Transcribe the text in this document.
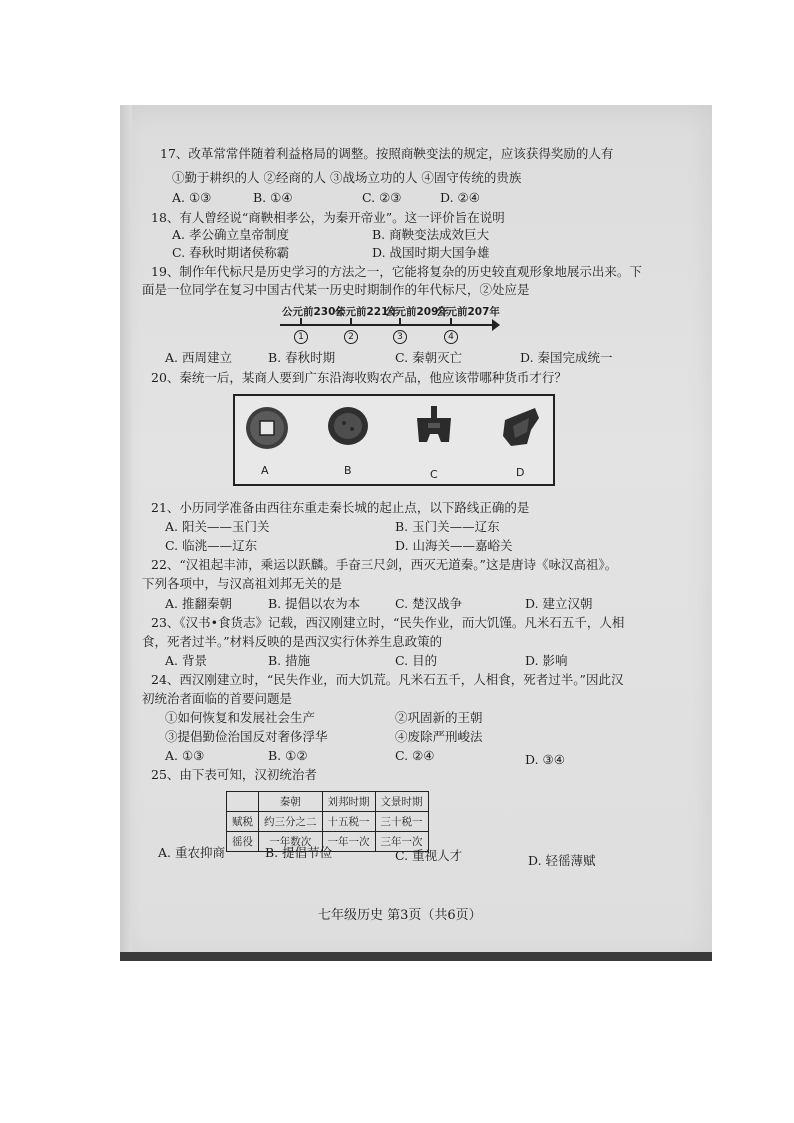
17、改革常常伴随着利益格局的调整。按照商鞅变法的规定，应该获得奖励的人有
①勤于耕织的人 ②经商的人 ③战场立功的人 ④固守传统的贵族
A. ①③	B. ①④	C. ②③	D. ②④
18、有人曾经说“商鞅相孝公，为秦开帝业”。这一评价旨在说明
A. 孝公确立皇帝制度	B. 商鞅变法成效巨大
C. 春秋时期诸侯称霸	D. 战国时期大国争雄
19、制作年代标尺是历史学习的方法之一，它能将复杂的历史较直观形象地展示出来。下
面是一位同学在复习中国古代某一历史时期制作的年代标尺，②处应是
公元前230年
公元前221年
公元前209年
公元前207年
1	2	3	4
A. 西周建立	B. 春秋时期	C. 秦朝灭亡	D. 秦国完成统一
20、秦统一后，某商人要到广东沿海收购农产品，他应该带哪种货币才行？
A	B	C	D
21、小历同学准备由西往东重走秦长城的起止点，以下路线正确的是
A. 阳关——玉门关	B. 玉门关——辽东
C. 临洮——辽东	D. 山海关——嘉峪关
22、“汉祖起丰沛，乘运以跃麟。手奋三尺剑，西灭无道秦。”这是唐诗《咏汉高祖》。
下列各项中，与汉高祖刘邦无关的是
A. 推翻秦朝	B. 提倡以农为本	C. 楚汉战争	D. 建立汉朝
23、《汉书•食货志》记载，西汉刚建立时，“民失作业，而大饥馑。凡米石五千，人相
食，死者过半。”材料反映的是西汉实行休养生息政策的
A. 背景	B. 措施	C. 目的	D. 影响
24、西汉刚建立时，“民失作业，而大饥荒。凡米石五千，人相食，死者过半。”因此汉
初统治者面临的首要问题是
①如何恢复和发展社会生产	②巩固新的王朝
③提倡勤俭治国反对奢侈浮华	④废除严刑峻法
A. ①③	B. ①②	C. ②④	D. ③④
25、由下表可知，汉初统治者
	秦朝	刘邦时期	文景时期
赋税	约三分之二	十五税一	三十税一
徭役	一年数次	一年一次	三年一次
A. 重农抑商	B. 提倡节俭	C. 重视人才	D. 轻徭薄赋
七年级历史 第3页（共6页）
